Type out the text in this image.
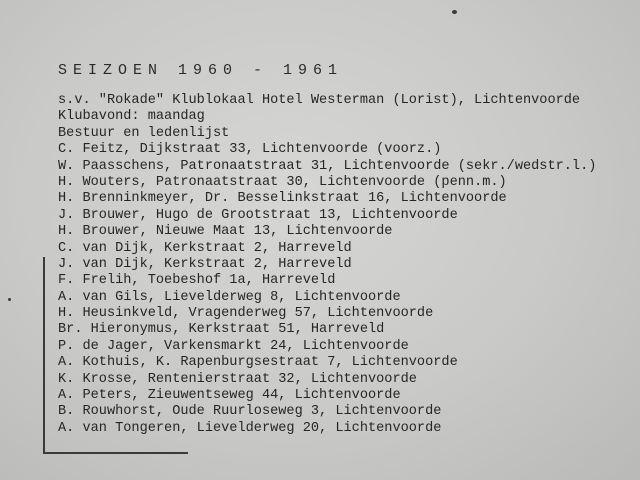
SEIZOEN 1960 - 1961
s.v. "Rokade" Klublokaal Hotel Westerman (Lorist), Lichtenvoorde
Klubavond: maandag
Bestuur en ledenlijst
C. Feitz, Dijkstraat 33, Lichtenvoorde (voorz.)
W. Paasschens, Patronaatstraat 31, Lichtenvoorde (sekr./wedstr.l.)
H. Wouters, Patronaatstraat 30, Lichtenvoorde (penn.m.)
H. Brenninkmeyer, Dr. Besselinkstraat 16, Lichtenvoorde
J. Brouwer, Hugo de Grootstraat 13, Lichtenvoorde
H. Brouwer, Nieuwe Maat 13, Lichtenvoorde
C. van Dijk, Kerkstraat 2, Harreveld
J. van Dijk, Kerkstraat 2, Harreveld
F. Frelih, Toebeshof 1a, Harreveld
A. van Gils, Lievelderweg 8, Lichtenvoorde
H. Heusinkveld, Vragenderweg 57, Lichtenvoorde
Br. Hieronymus, Kerkstraat 51, Harreveld
P. de Jager, Varkensmarkt 24, Lichtenvoorde
A. Kothuis, K. Rapenburgsestraat 7, Lichtenvoorde
K. Krosse, Rentenierstraat 32, Lichtenvoorde
A. Peters, Zieuwentseweg 44, Lichtenvoorde
B. Rouwhorst, Oude Ruurloseweg 3, Lichtenvoorde
A. van Tongeren, Lievelderweg 20, Lichtenvoorde
